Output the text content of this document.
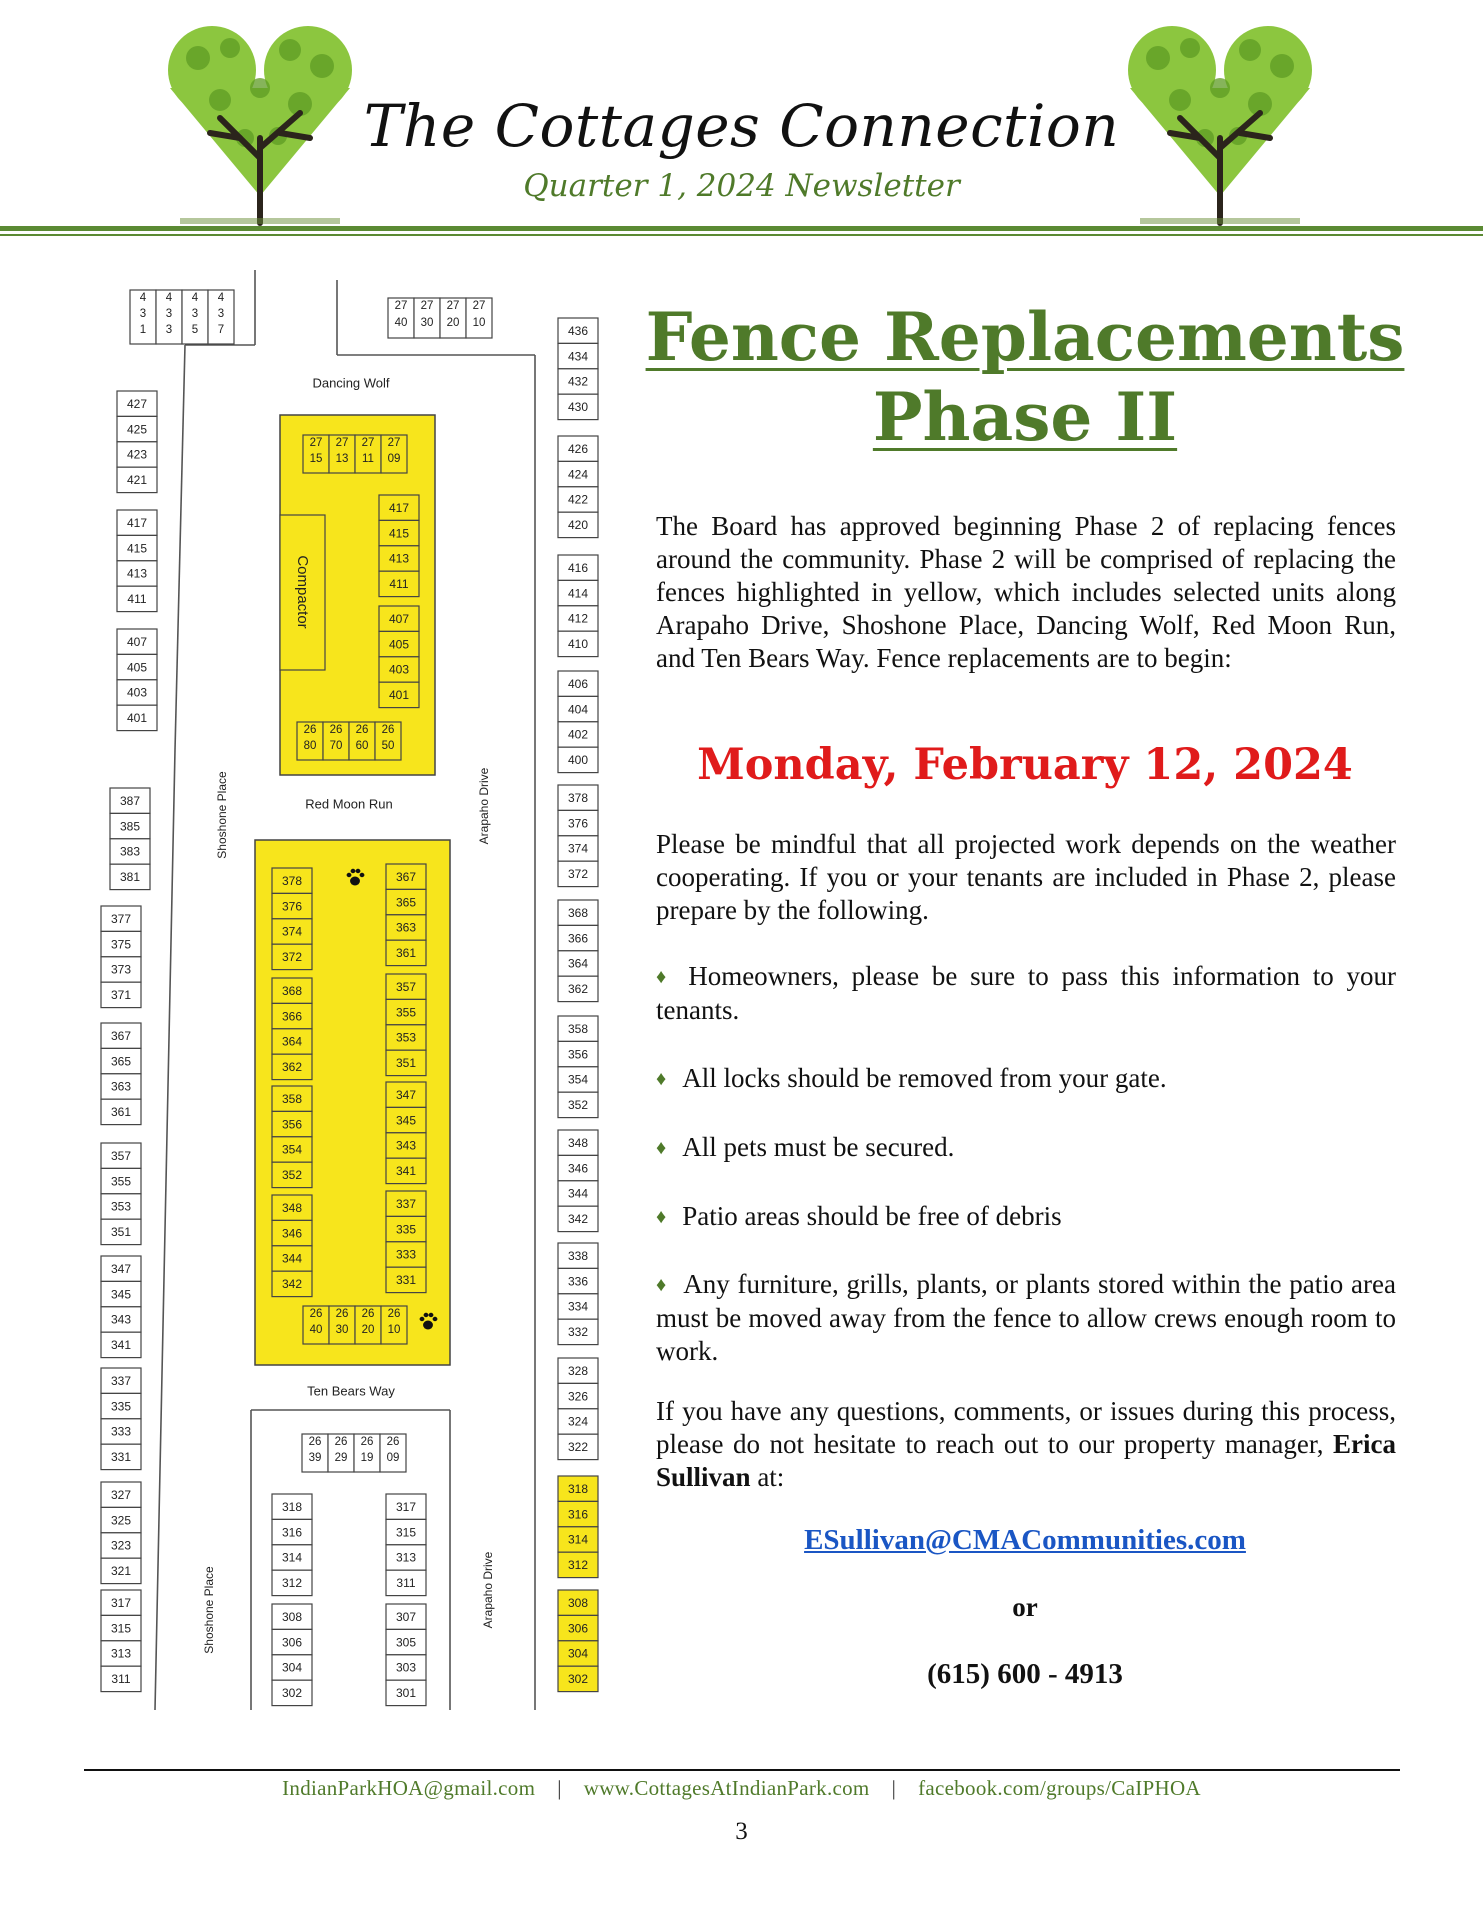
The Cottages Connection
Quarter 1, 2024 Newsletter
4
3
1
4
3
3
4
3
5
4
3
7
27
40
27
30
27
20
27
10
427
425
423
421
417
415
413
411
407
405
403
401
387
385
383
381
377
375
373
371
367
365
363
361
357
355
353
351
347
345
343
341
337
335
333
331
327
325
323
321
317
315
313
311
436
434
432
430
426
424
422
420
416
414
412
410
406
404
402
400
378
376
374
372
368
366
364
362
358
356
354
352
348
346
344
342
338
336
334
332
328
326
324
322
318
316
314
312
308
306
304
302
27
15
27
13
27
11
27
09
Compactor
417
415
413
411
407
405
403
401
26
80
26
70
26
60
26
50
378
376
374
372
367
365
363
361
368
366
364
362
357
355
353
351
358
356
354
352
347
345
343
341
348
346
344
342
337
335
333
331
26
40
26
30
26
20
26
10
26
39
26
29
26
19
26
09
318
316
314
312
308
306
304
302
317
315
313
311
307
305
303
301
Dancing Wolf
Red Moon Run
Ten Bears Way
Shoshone Place
Shoshone Place
Arapaho Drive
Arapaho Drive
Fence Replacements
Phase II
The Board has approved beginning Phase 2 of replacing fences around the community. Phase 2 will be comprised of replacing the fences highlighted in yellow, which includes selected units along Arapaho Drive, Shoshone Place, Dancing Wolf, Red Moon Run, and Ten Bears Way. Fence replacements are to begin:
Monday, February 12, 2024
Please be mindful that all projected work depends on the weather cooperating. If you or your tenants are included in Phase 2, please prepare by the following.
♦ Homeowners, please be sure to pass this information to your tenants.
♦ All locks should be removed from your gate.
♦ All pets must be secured.
♦ Patio areas should be free of debris
♦ Any furniture, grills, plants, or plants stored within the patio area must be moved away from the fence to allow crews enough room to work.
If you have any questions, comments, or issues during this process, please do not hesitate to reach out to our property manager, Erica Sullivan at:
ESullivan@CMACommunities.com
or
(615) 600 - 4913
IndianParkHOA@gmail.com | www.CottagesAtIndianPark.com | facebook.com/groups/CaIPHOA
3
